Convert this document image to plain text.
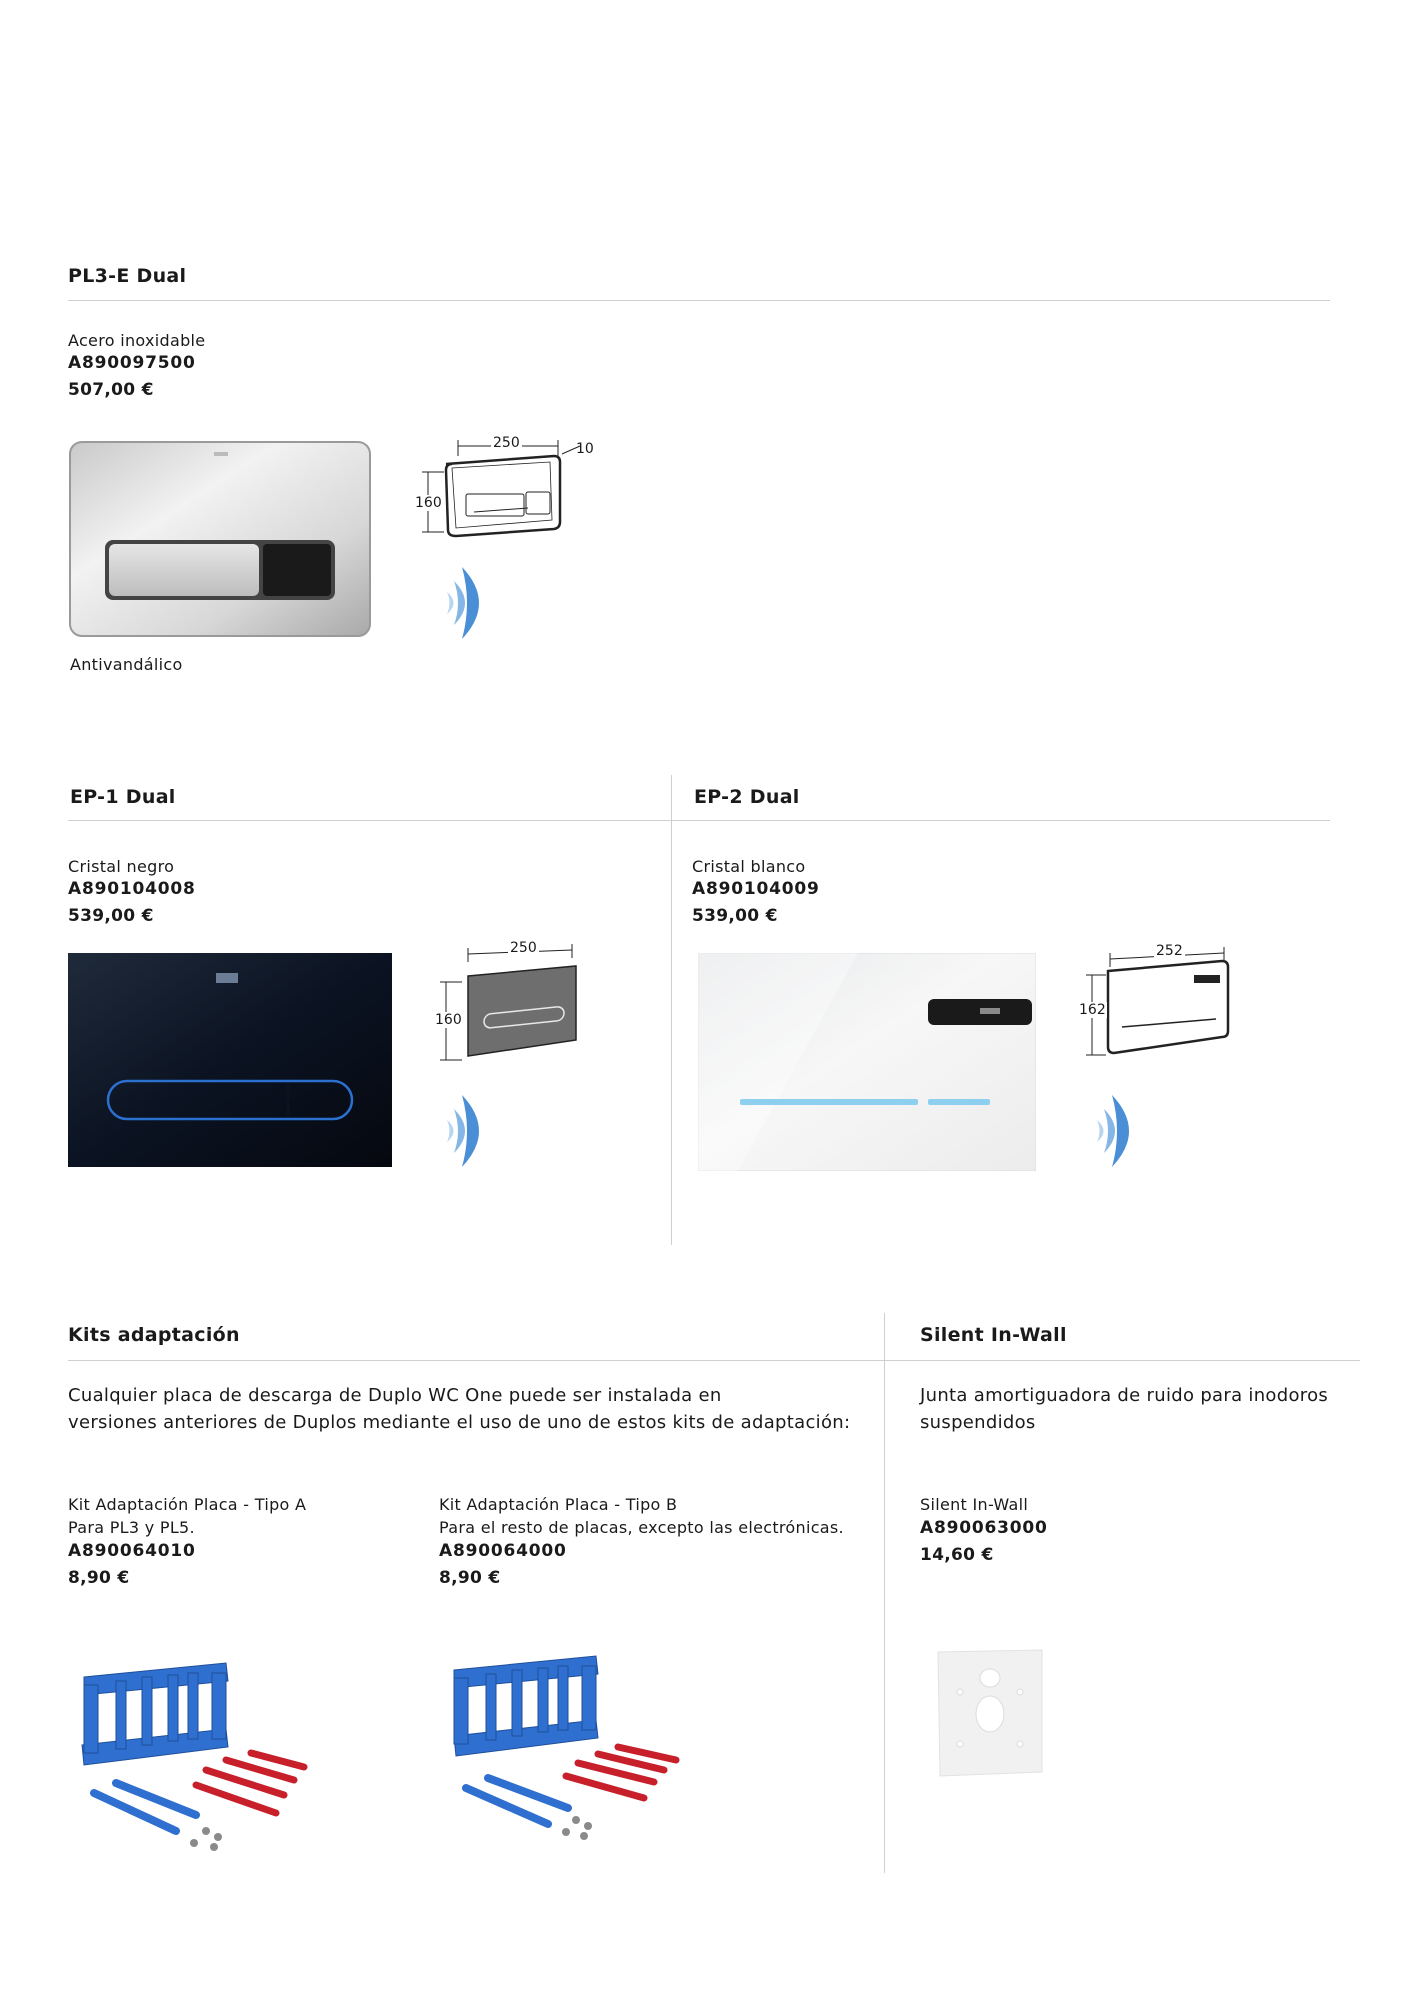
PL3-E Dual
Acero inoxidable
A890097500
507,00 €
Antivandálico
250	10
160
EP-1 Dual
Cristal negro
A890104008
539,00 €
250
160
EP-2 Dual
Cristal blanco
A890104009
539,00 €
252
162
Kits adaptación
Cualquier placa de descarga de Duplo WC One puede ser instalada en
versiones anteriores de Duplos mediante el uso de uno de estos kits de adaptación:
Kit Adaptación Placa - Tipo A
Para PL3 y PL5.
A890064010
8,90 €
Kit Adaptación Placa - Tipo B
Para el resto de placas, excepto las electrónicas.
A890064000
8,90 €
Silent In-Wall
Junta amortiguadora de ruido para inodoros
suspendidos
Silent In-Wall
A890063000
14,60 €
